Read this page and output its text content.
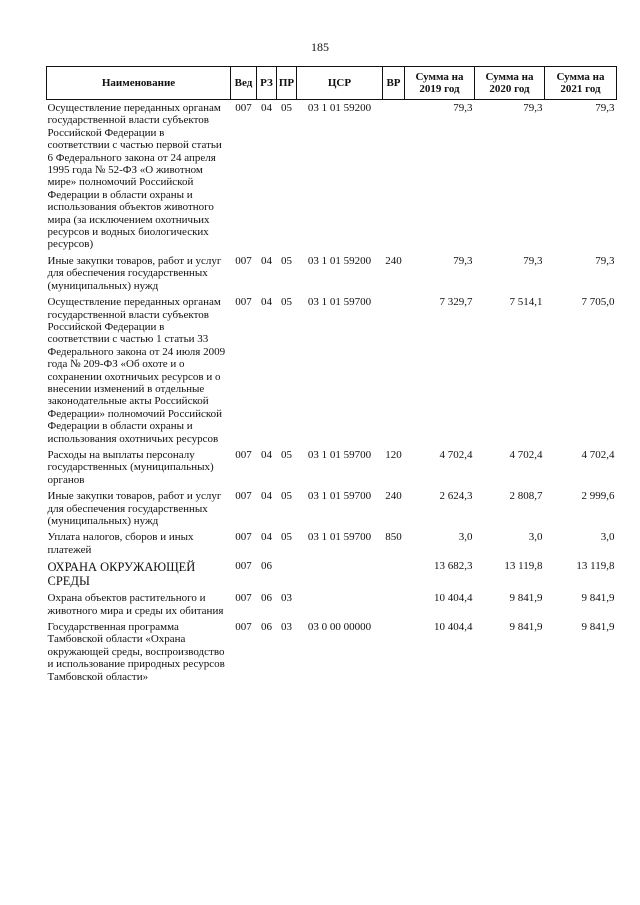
185
Наименование	Вед	РЗ	ПР	ЦСР	ВР	Сумма на 2019 год	Сумма на 2020 год	Сумма на 2021 год
Осуществление переданных органам государственной власти субъектов Российской Федерации в соответствии с частью первой статьи 6 Федерального закона от 24 апреля 1995 года № 52-ФЗ «О животном мире» полномочий Российской Федерации в области охраны и использования объектов животного мира (за исключением охотничьих ресурсов и водных биологических ресурсов)	007	04	05	03 1 01 59200		79,3	79,3	79,3
Иные закупки товаров, работ и услуг для обеспечения государственных (муниципальных) нужд	007	04	05	03 1 01 59200	240	79,3	79,3	79,3
Осуществление переданных органам государственной власти субъектов Российской Федерации в соответствии с частью 1 статьи 33 Федерального закона от 24 июля 2009 года № 209-ФЗ «Об охоте и о сохранении охотничьих ресурсов и о внесении изменений в отдельные законодательные акты Российской Федерации» полномочий Российской Федерации в области охраны и использования охотничьих ресурсов	007	04	05	03 1 01 59700		7 329,7	7 514,1	7 705,0
Расходы на выплаты персоналу государственных (муниципальных) органов	007	04	05	03 1 01 59700	120	4 702,4	4 702,4	4 702,4
Иные закупки товаров, работ и услуг для обеспечения государственных (муниципальных) нужд	007	04	05	03 1 01 59700	240	2 624,3	2 808,7	2 999,6
Уплата налогов, сборов и иных платежей	007	04	05	03 1 01 59700	850	3,0	3,0	3,0
ОХРАНА ОКРУЖАЮЩЕЙ СРЕДЫ	007	06				13 682,3	13 119,8	13 119,8
Охрана объектов растительного и животного мира и среды их обитания	007	06	03			10 404,4	9 841,9	9 841,9
Государственная программа Тамбовской области «Охрана окружающей среды, воспроизводство и использование природных ресурсов Тамбовской области»	007	06	03	03 0 00 00000		10 404,4	9 841,9	9 841,9
